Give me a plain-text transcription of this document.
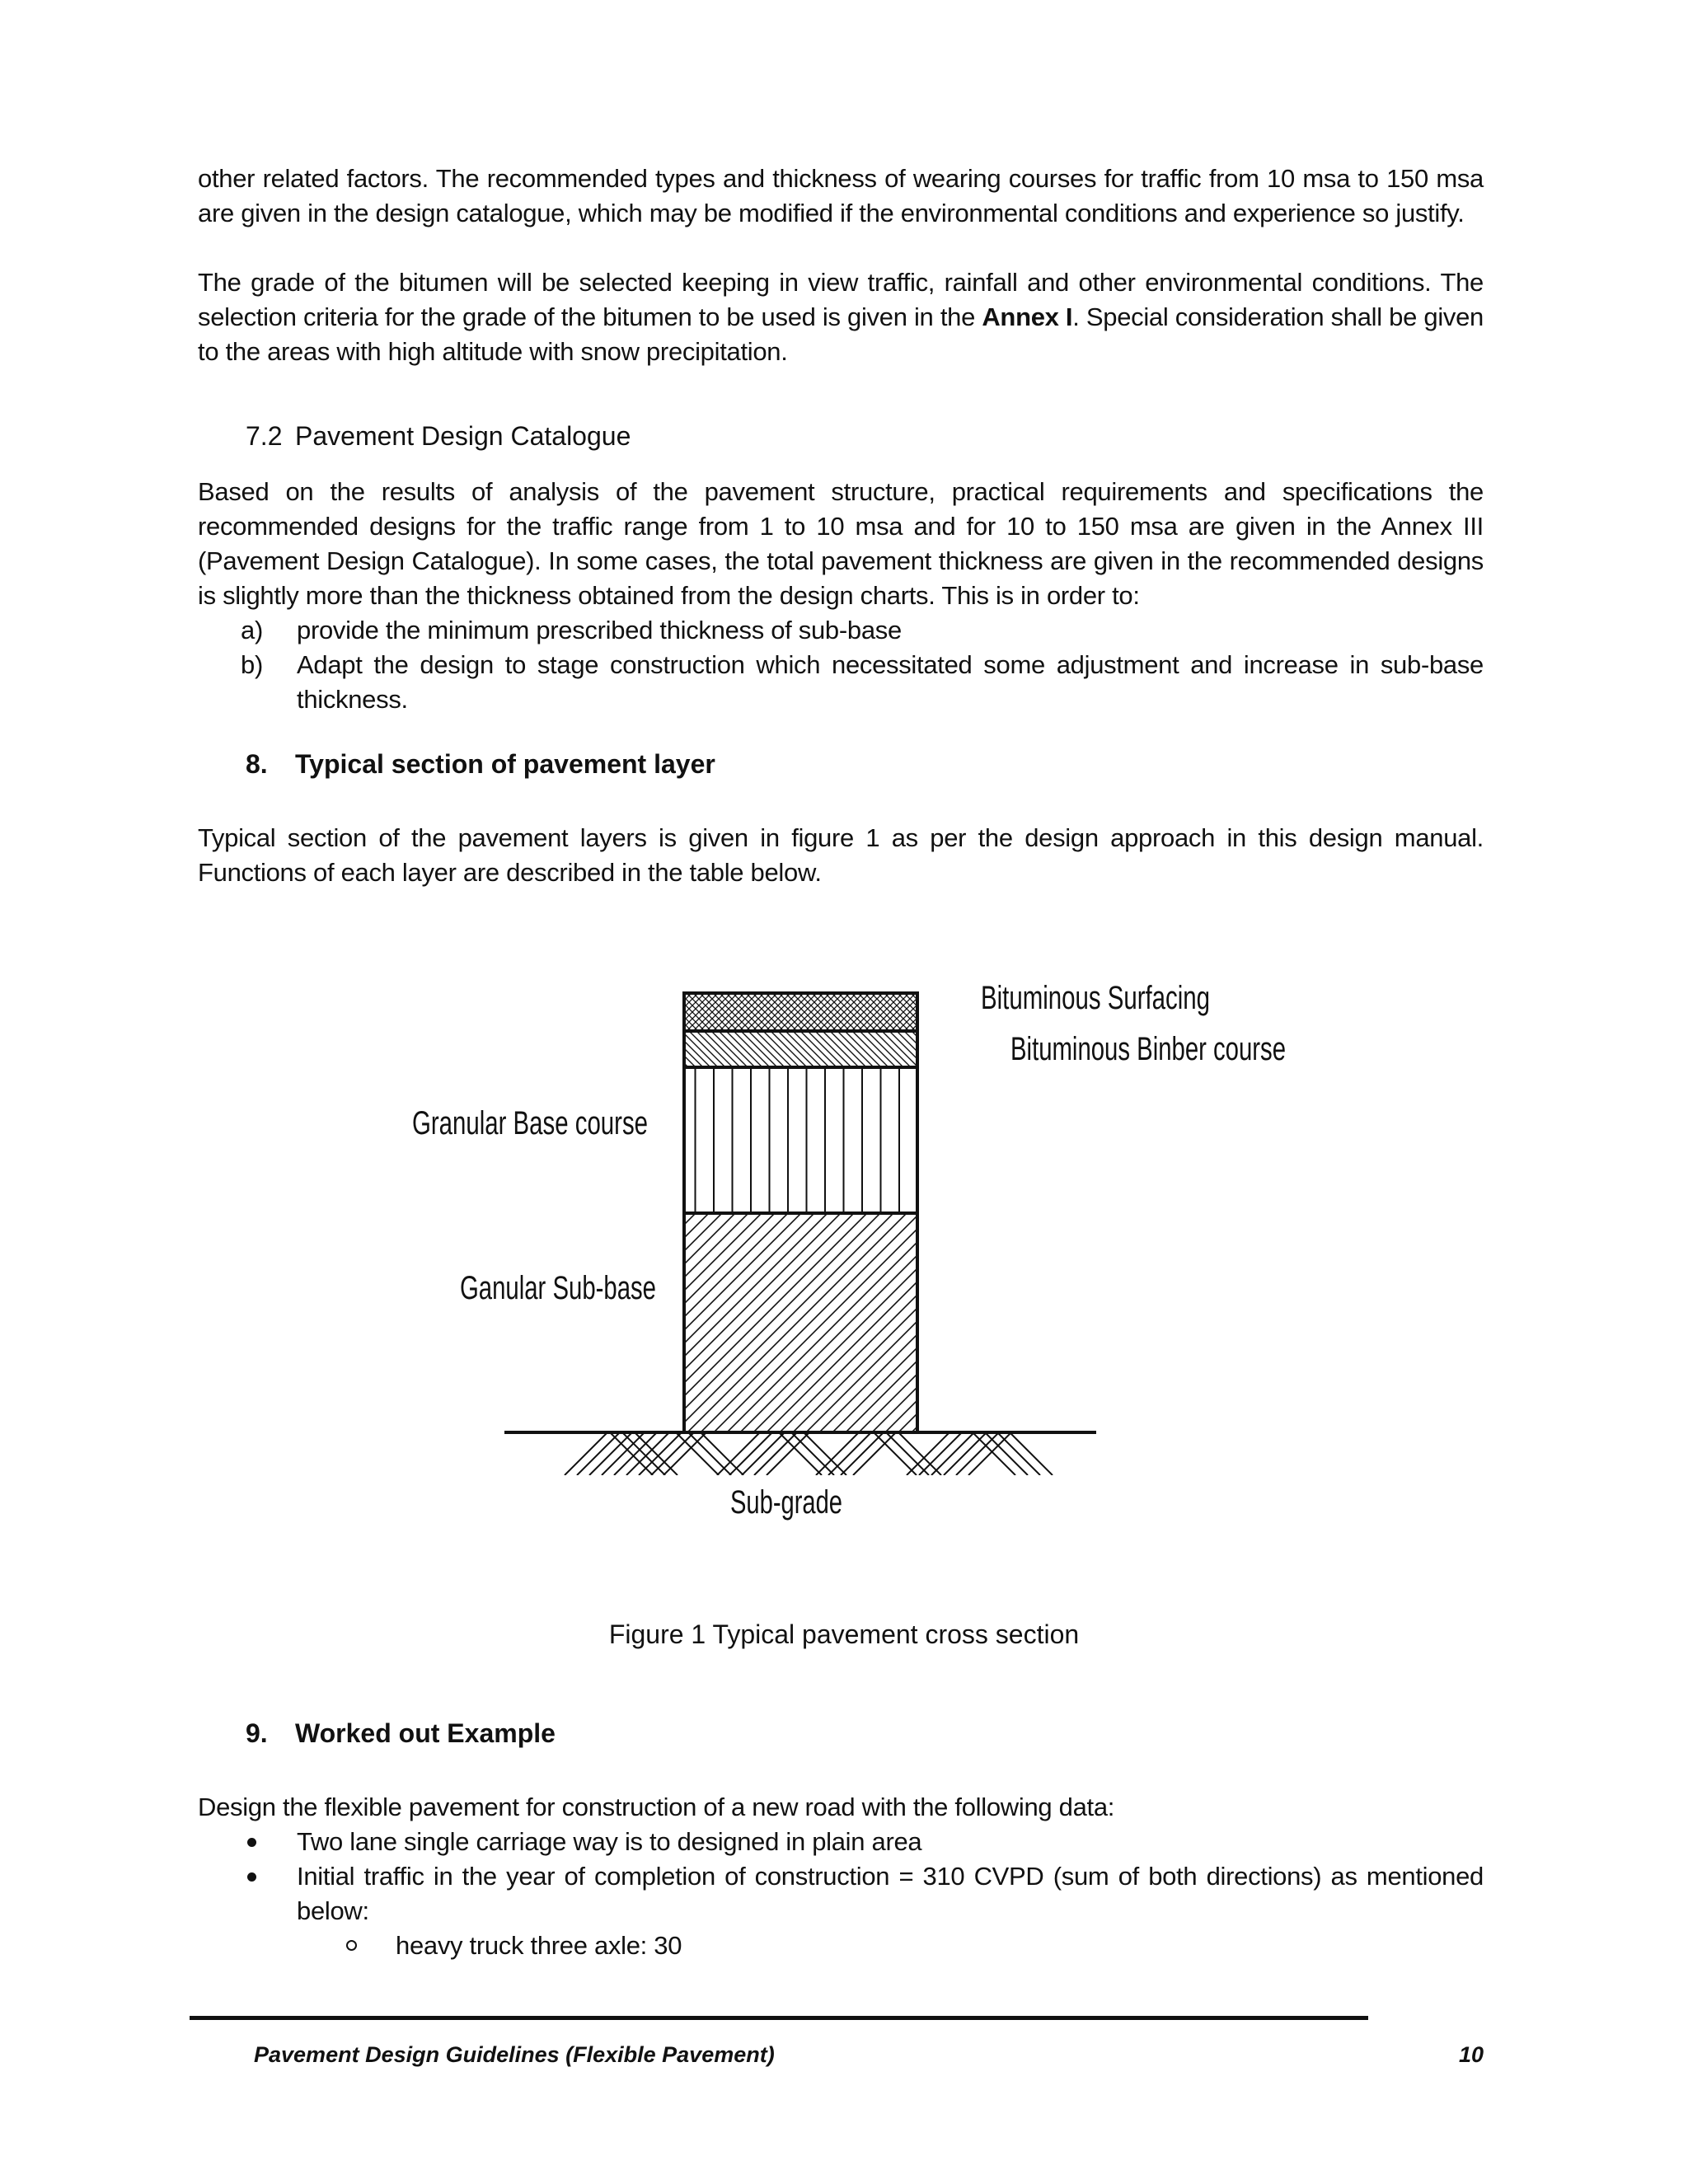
other related factors. The recommended types and thickness of wearing courses for traffic from 10 msa to 150 msa are given in the design catalogue, which may be modified if the environmental conditions and experience so justify.

The grade of the bitumen will be selected keeping in view traffic, rainfall and other environmental conditions. The selection criteria for the grade of the bitumen to be used is given in the Annex I. Special consideration shall be given to the areas with high altitude with snow precipitation.

7.2 Pavement Design Catalogue

Based on the results of analysis of the pavement structure, practical requirements and specifications the recommended designs for the traffic range from 1 to 10 msa and for 10 to 150 msa are given in the Annex III (Pavement Design Catalogue). In some cases, the total pavement thickness are given in the recommended designs is slightly more than the thickness obtained from the design charts. This is in order to:

a) provide the minimum prescribed thickness of sub-base
b) Adapt the design to stage construction which necessitated some adjustment and increase in sub-base thickness.
8. Typical section of pavement layer

Typical section of the pavement layers is given in figure 1 as per the design approach in this design manual. Functions of each layer are described in the table below.

Bituminous Surfacing
Bituminous Binber course
Granular Base course
Ganular Sub-base
Sub-grade

Figure 1 Typical pavement cross section

9. Worked out Example

Design the flexible pavement for construction of a new road with the following data:

Two lane single carriage way is to designed in plain area
Initial traffic in the year of completion of construction = 310 CVPD (sum of both directions) as mentioned below:
heavy truck three axle: 30
Pavement Design Guidelines (Flexible Pavement)	10
